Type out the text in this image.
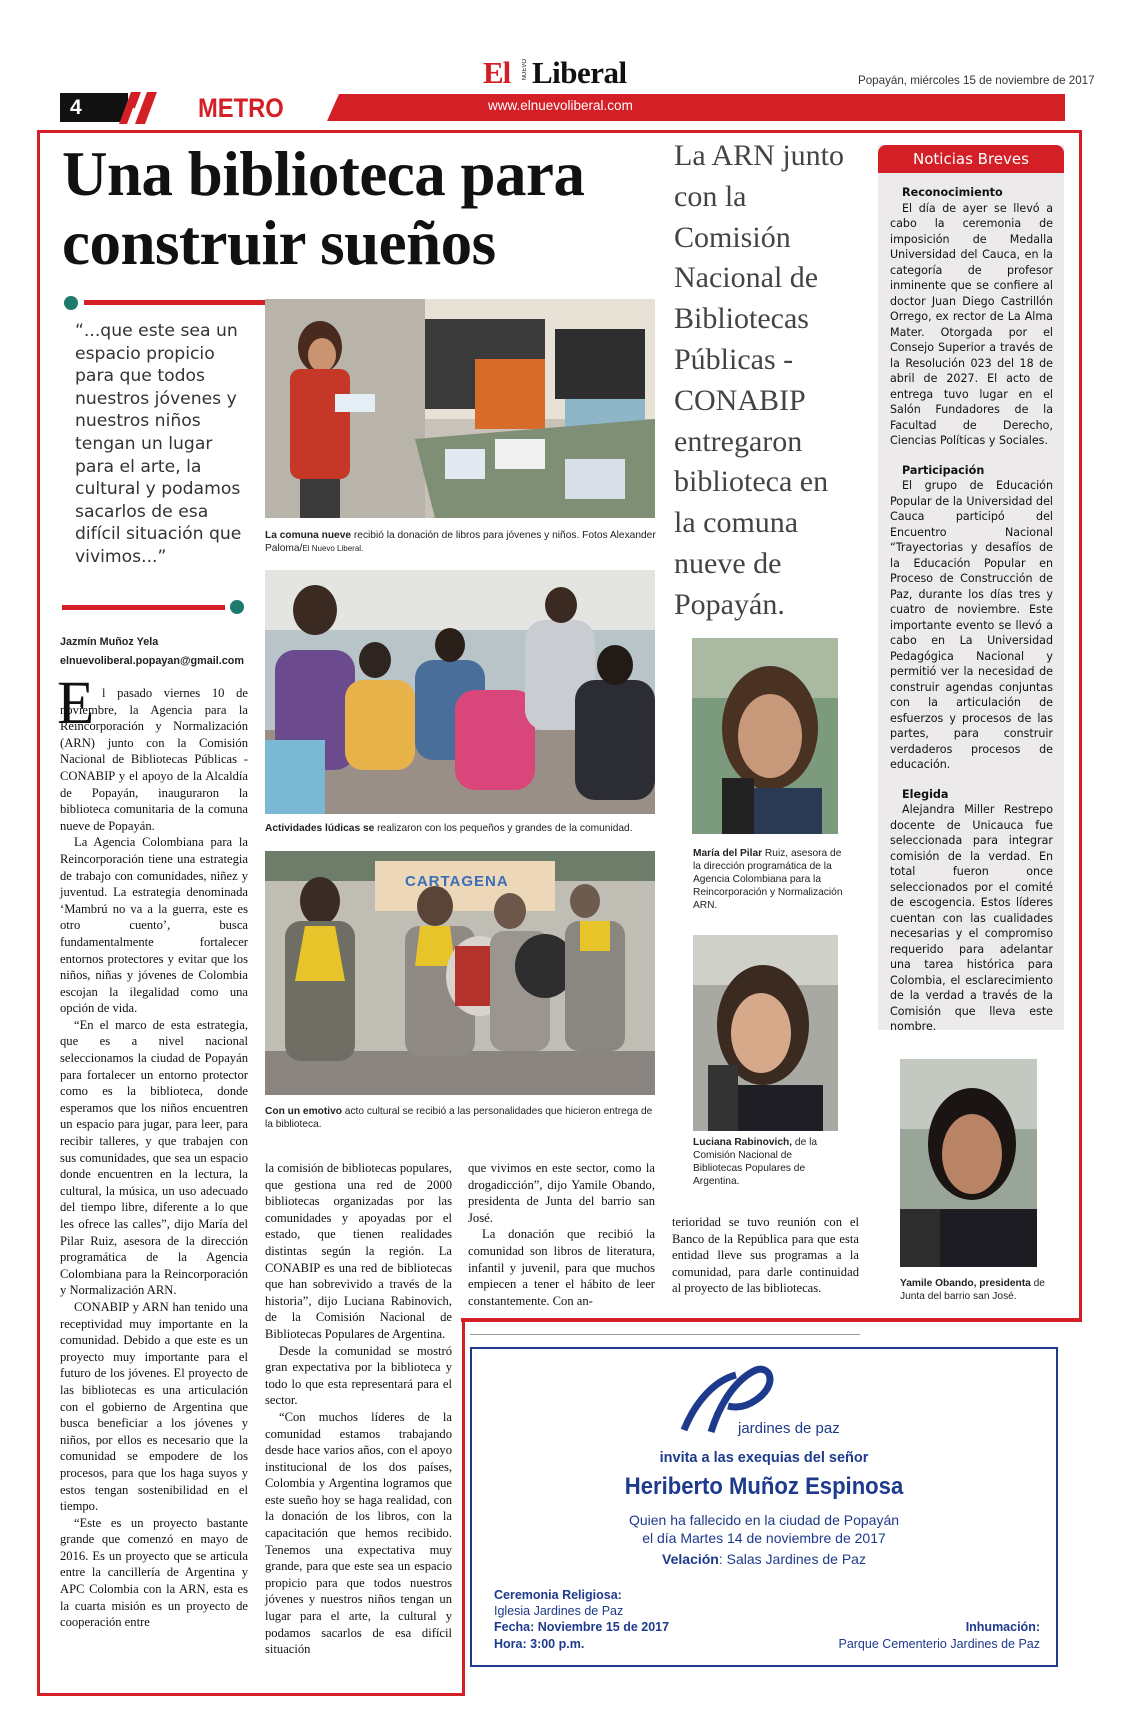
El NUEVO Liberal	Popayán, miércoles 15 de noviembre de 2017
4	METRO	www.elnuevoliberal.com
Una biblioteca para construir sueños
“...que este sea un espacio propicio para que todos nuestros jóvenes y nuestros niños tengan un lugar para el arte, la cultural y podamos sacarlos de esa difícil situación que vivimos...”
Jazmín Muñoz Yela
elnuevoliberal.popayan@gmail.com
E l pasado viernes 10 de noviembre, la Agencia para la Reincorporación y Normalización (ARN) junto con la Comisión Nacional de Bibliotecas Públicas - CONABIP y el apoyo de la Alcaldía de Popayán, inauguraron la biblioteca comunitaria de la comuna nueve de Popayán.

La Agencia Colombiana para la Reincorporación tiene una estrategia de trabajo con comunidades, niñez y juventud. La estrategia denominada ‘Mambrú no va a la guerra, este es otro cuento’, busca fundamentalmente fortalecer entornos protectores y evitar que los niños, niñas y jóvenes de Colombia escojan la ilegalidad como una opción de vida.

“En el marco de esta estrategia, que es a nivel nacional seleccionamos la ciudad de Popayán para fortalecer un entorno protector como es la biblioteca, donde esperamos que los niños encuentren un espacio para jugar, para leer, para recibir talleres, y que trabajen con sus comunidades, que sea un espacio donde encuentren en la lectura, la cultural, la música, un uso adecuado del tiempo libre, diferente a lo que les ofrece las calles”, dijo María del Pilar Ruiz, asesora de la dirección programática de la Agencia Colombiana para la Reincorporación y Normalización ARN.

CONABIP y ARN han tenido una receptividad muy importante en la comunidad. Debido a que este es un proyecto muy importante para el futuro de los jóvenes. El proyecto de las bibliotecas es una articulación con el gobierno de Argentina que busca beneficiar a los jóvenes y niños, por ellos es necesario que la comunidad se empodere de los procesos, para que los haga suyos y estos tengan sostenibilidad en el tiempo.

“Este es un proyecto bastante grande que comenzó en mayo de 2016. Es un proyecto que se articula entre la cancillería de Argentina y APC Colombia con la ARN, esta es la cuarta misión es un proyecto de cooperación entre

La comuna nueve recibió la donación de libros para jóvenes y niños. Fotos Alexander Paloma/El Nuevo Liberal.
Actividades lúdicas se realizaron con los pequeños y grandes de la comunidad.
CARTAGENA
Con un emotivo acto cultural se recibió a las personalidades que hicieron entrega de la biblioteca.

la comisión de bibliotecas populares, que gestiona una red de 2000 bibliotecas organizadas por las comunidades y apoyadas por el estado, que tienen realidades distintas según la región. La CONABIP es una red de bibliotecas que han sobrevivido a través de la historia”, dijo Luciana Rabinovich, de la Comisión Nacional de Bibliotecas Populares de Argentina.

Desde la comunidad se mostró gran expectativa por la biblioteca y todo lo que esta representará para el sector.

“Con muchos líderes de la comunidad estamos trabajando desde hace varios años, con el apoyo institucional de los dos países, Colombia y Argentina logramos que este sueño hoy se haga realidad, con la donación de los libros, con la capacitación que hemos recibido. Tenemos una expectativa muy grande, para que este sea un espacio propicio para que todos nuestros jóvenes y nuestros niños tengan un lugar para el arte, la cultural y podamos sacarlos de esa difícil situación

que vivimos en este sector, como la drogadicción”, dijo Yamile Obando, presidenta de Junta del barrio san José.

La donación que recibió la comunidad son libros de literatura, infantil y juvenil, para que muchos empiecen a tener el hábito de leer constantemente. Con an-

La ARN junto con la Comisión Nacional de Bibliotecas Públicas - CONABIP entregaron biblioteca en la comuna nueve de Popayán.
María del Pilar Ruiz, asesora de la dirección programática de la Agencia Colombiana para la Reincorporación y Normalización ARN.
Luciana Rabinovich, de la Comisión Nacional de Bibliotecas Populares de Argentina.

terioridad se tuvo reunión con el Banco de la República para que esta entidad lleve sus programas a la comunidad, para darle continuidad al proyecto de las bibliotecas.

Noticias Breves
Reconocimiento
El día de ayer se llevó a cabo la ceremonia de imposición de Medalla Universidad del Cauca, en la categoría de profesor inminente que se confiere al doctor Juan Diego Castrillón Orrego, ex rector de La Alma Mater. Otorgada por el Consejo Superior a través de la Resolución 023 del 18 de abril de 2027. El acto de entrega tuvo lugar en el Salón Fundadores de la Facultad de Derecho, Ciencias Políticas y Sociales.
Participación
El grupo de Educación Popular de la Universidad del Cauca participó del Encuentro Nacional “Trayectorias y desafíos de la Educación Popular en Proceso de Construcción de Paz, durante los días tres y cuatro de noviembre. Este importante evento se llevó a cabo en La Universidad Pedagógica Nacional y permitió ver la necesidad de construir agendas conjuntas con la articulación de esfuerzos y procesos de las partes, para construir verdaderos procesos de educación.
Elegida
Alejandra Miller Restrepo docente de Unicauca fue seleccionada para integrar comisión de la verdad. En total fueron once seleccionados por el comité de escogencia. Estos líderes cuentan con las cualidades necesarias y el compromiso requerido para adelantar una tarea histórica para Colombia, el esclarecimiento de la verdad a través de la Comisión que lleva este nombre.
Yamile Obando, presidenta de Junta del barrio san José.
jardines de paz
invita a las exequias del señor
Heriberto Muñoz Espinosa
Quien ha fallecido en la ciudad de Popayán
el día Martes 14 de noviembre de 2017
Velación: Salas Jardines de Paz
Ceremonia Religiosa:
Iglesia Jardines de Paz
Fecha: Noviembre 15 de 2017
Hora: 3:00 p.m.
Inhumación:
Parque Cementerio Jardines de Paz
